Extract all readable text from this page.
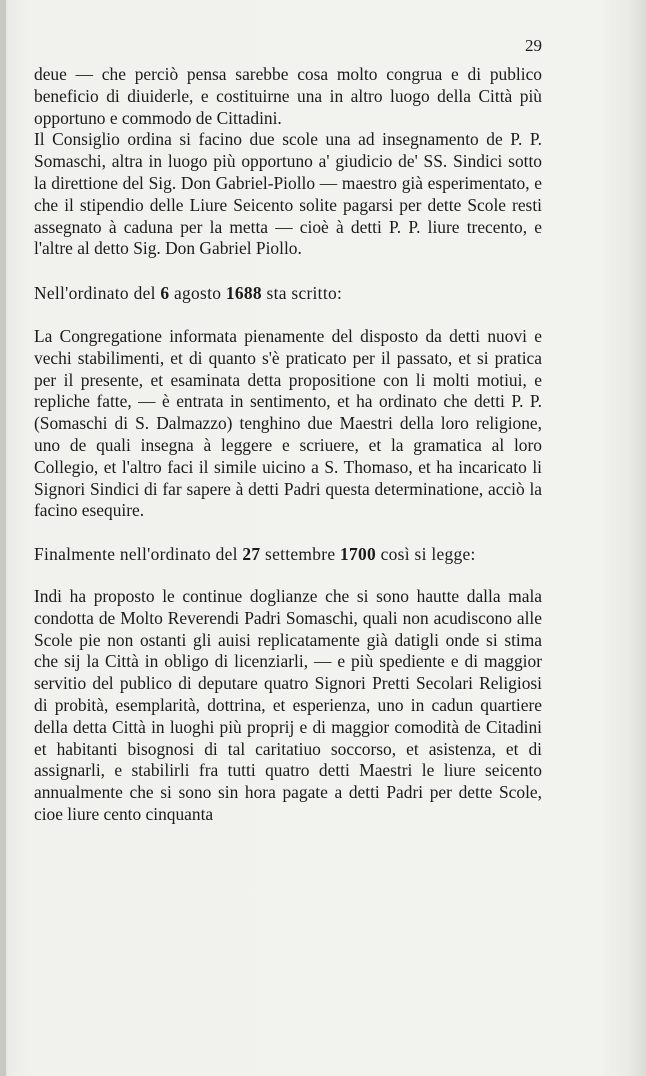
29

deue — che perciò pensa sarebbe cosa molto congrua e di publico beneficio di diuiderle, e costituirne una in altro luogo della Città più opportuno e commodo de Cittadini.

Il Consiglio ordina si facino due scole una ad insegnamento de P. P. Somaschi, altra in luogo più opportuno a' giudicio de' SS. Sindici sotto la direttione del Sig. Don Gabriel-Piollo — maestro già esperimentato, e che il stipendio delle Liure Seicento solite pagarsi per dette Scole resti assegnato à caduna per la metta — cioè à detti P. P. liure trecento, e l'altre al detto Sig. Don Gabriel Piollo.

Nell'ordinato del 6 agosto 1688 sta scritto:

La Congregatione informata pienamente del disposto da detti nuovi e vechi stabilimenti, et di quanto s'è praticato per il passato, et si pratica per il presente, et esaminata detta propositione con li molti motiui, e repliche fatte, — è entrata in sentimento, et ha ordinato che detti P. P. (Somaschi di S. Dalmazzo) tenghino due Maestri della loro religione, uno de quali insegna à leggere e scriuere, et la gramatica al loro Collegio, et l'altro faci il simile uicino a S. Thomaso, et ha incaricato li Signori Sindici di far sapere à detti Padri questa determinatione, acciò la facino esequire.

Finalmente nell'ordinato del 27 settembre 1700 così si legge:

Indi ha proposto le continue doglianze che si sono hautte dalla mala condotta de Molto Reverendi Padri Somaschi, quali non acudiscono alle Scole pie non ostanti gli auisi replicatamente già datigli onde si stima che sij la Città in obligo di licenziarli, — e più spediente e di maggior servitio del publico di deputare quatro Signori Pretti Secolari Religiosi di probità, esemplarità, dottrina, et esperienza, uno in cadun quartiere della detta Città in luoghi più proprij e di maggior comodità de Citadini et habitanti bisognosi di tal caritatiuo soccorso, et asistenza, et di assignarli, e stabilirli fra tutti quatro detti Maestri le liure seicento annualmente che si sono sin hora pagate a detti Padri per dette Scole, cioe liure cento cinquanta
